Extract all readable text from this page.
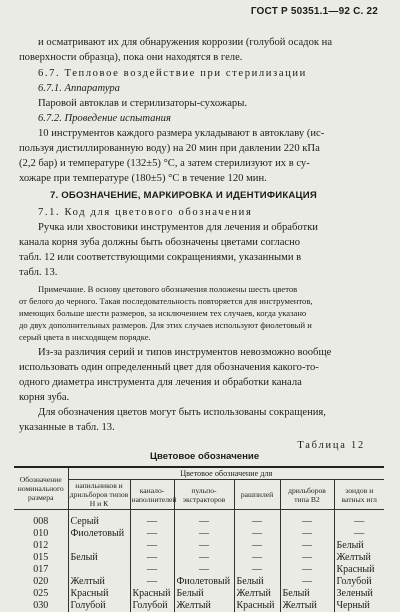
ГОСТ Р 50351.1—92 С. 22
и осматривают их для обнаружения коррозии (голубой осадок на
поверхности образца), пока они находятся в геле.
6.7. Тепловое воздействие при стерилизации
6.7.1. Аппаратура
Паровой автоклав и стерилизаторы-сухожары.
6.7.2. Проведение испытания
10 инструментов каждого размера укладывают в автоклаву (ис-
пользуя дистиллированную воду) на 20 мин при давлении 220 кПа
(2,2 бар) и температуре (132±5) °С, а затем стерилизуют их в су-
хожаре при температуре (180±5) °С в течение 120 мин.
7. ОБОЗНАЧЕНИЕ, МАРКИРОВКА И ИДЕНТИФИКАЦИЯ
7.1. Код для цветового обозначения
Ручка или хвостовики инструментов для лечения и обработки
канала корня зуба должны быть обозначены цветами согласно
табл. 12 или соответствующими сокращениями, указанными в
табл. 13.
Примечание. В основу цветового обозначения положены шесть цветов
от белого до черного. Такая последовательность повторяется для инструментов,
имеющих больше шести размеров, за исключением тех случаев, когда указано
до двух дополнительных размеров. Для этих случаев используют фиолетовый и
серый цвета в нисходящем порядке.
Из-за различия серий и типов инструментов невозможно вообще
использовать один определенный цвет для обозначения какого-то-
одного диаметра инструмента для лечения и обработки канала
корня зуба.
Для обозначения цветов могут быть использованы сокращения,
указанные в табл. 13.
Таблица 12
Цветовое обозначение
Обозначение номинального размера	Цветовое обозначение для					
	напильников и дрильборов типов Н и К	канало-наполнителей	пульпо-экстракторов	рашпилей	дрильборов типа В2	зондов и ватных игл
008	Серый	—	—	—	—	—
010	Фиолетовый	—	—	—	—	—
012		—	—	—	—	Белый
015	Белый	—	—	—	—	Желтый
017		—	—	—	—	Красный
020	Желтый	—	Фиолетовый	Белый	—	Голубой
025	Красный	Красный	Белый	Желтый	Белый	Зеленый
030	Голубой	Голубой	Желтый	Красный	Желтый	Черный
